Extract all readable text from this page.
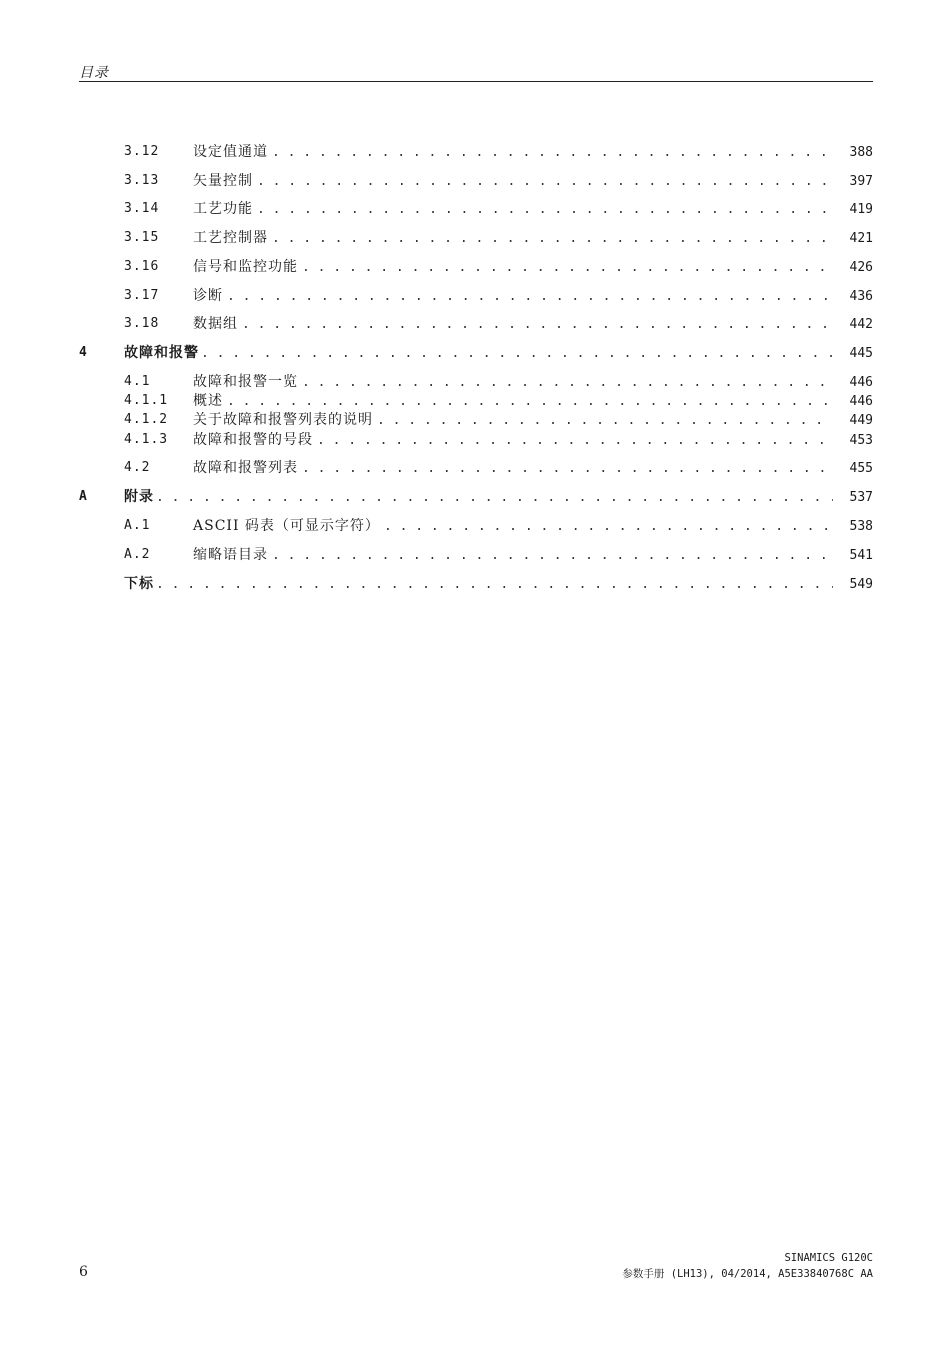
目录
3.12 设定值通道 . . .	388
3.13 矢量控制 . . .	397
3.14 工艺功能 . . .	419
3.15 工艺控制器 . . .	421
3.16 信号和监控功能 . . .	426
3.17 诊断 . . .	436
3.18 数据组 . . .	442
4	故障和报警 . . .	445
4.1	故障和报警一览 . . .	446
4.1.1 概述 . . .	446
4.1.2 关于故障和报警列表的说明 . . .	449
4.1.3 故障和报警的号段 . . .	453
4.2	故障和报警列表 . . .	455
A	附录 . . .	537
A.1	ASCII 码表（可显示字符） . . .	538
A.2	缩略语目录 . . .	541
下标 . . .	549
6
SINAMICS G120C
参数手册 (LH13), 04/2014, A5E33840768C AA
